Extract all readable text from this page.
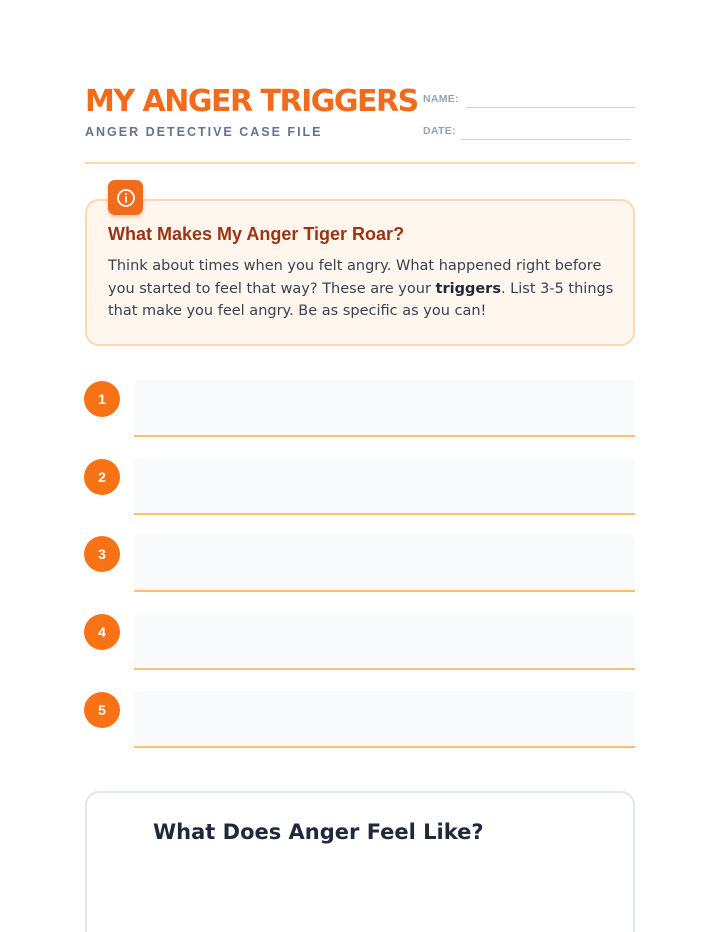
MY ANGER TRIGGERS
ANGER DETECTIVE CASE FILE
NAME:
DATE:
What Makes My Anger Tiger Roar?
Think about times when you felt angry. What happened right before you started to feel that way? These are your triggers. List 3-5 things that make you feel angry. Be as specific as you can!
1
2
3
4
5
What Does Anger Feel Like?
